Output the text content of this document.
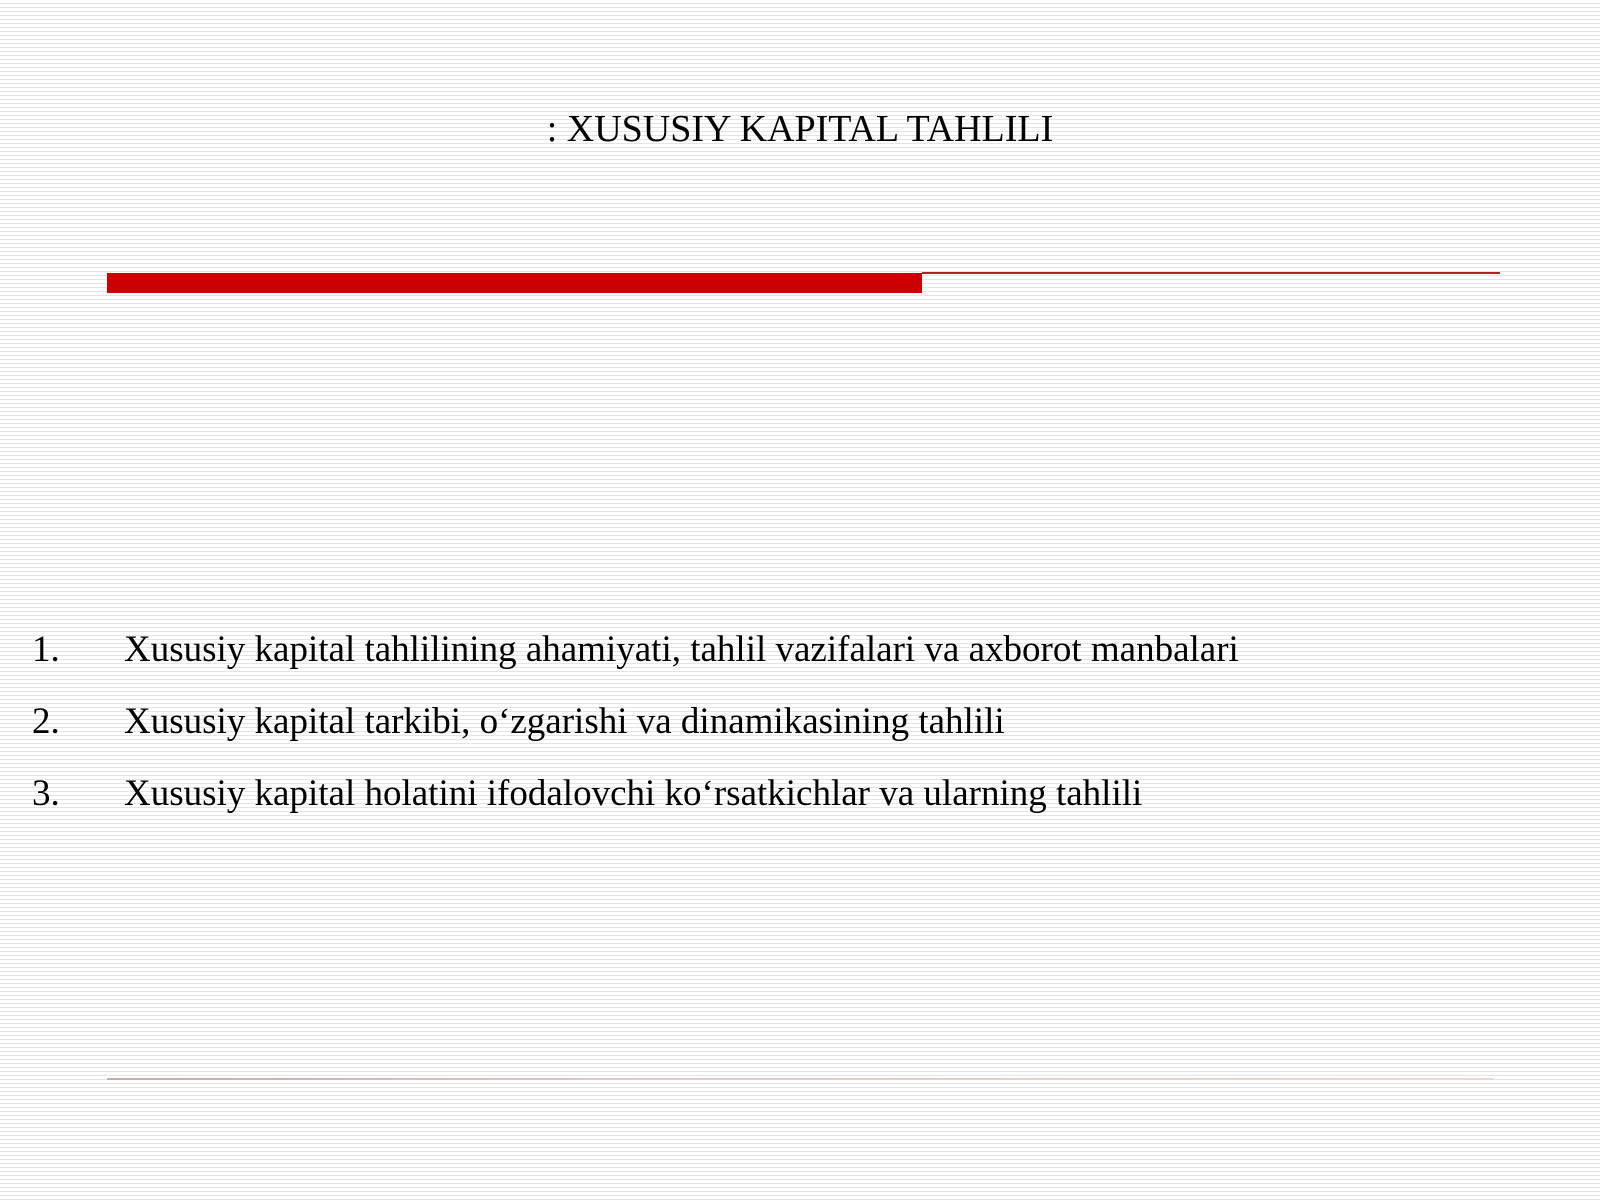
: XUSUSIY KAPITAL TAHLILI
1.	Xususiy kapital tahlilining ahamiyati, tahlil vazifalari va axborot manbalari
2.	Xususiy kapital tarkibi, o‘zgarishi va dinamikasining tahlili
3.	Xususiy kapital holatini ifodalovchi ko‘rsatkichlar va ularning tahlili
